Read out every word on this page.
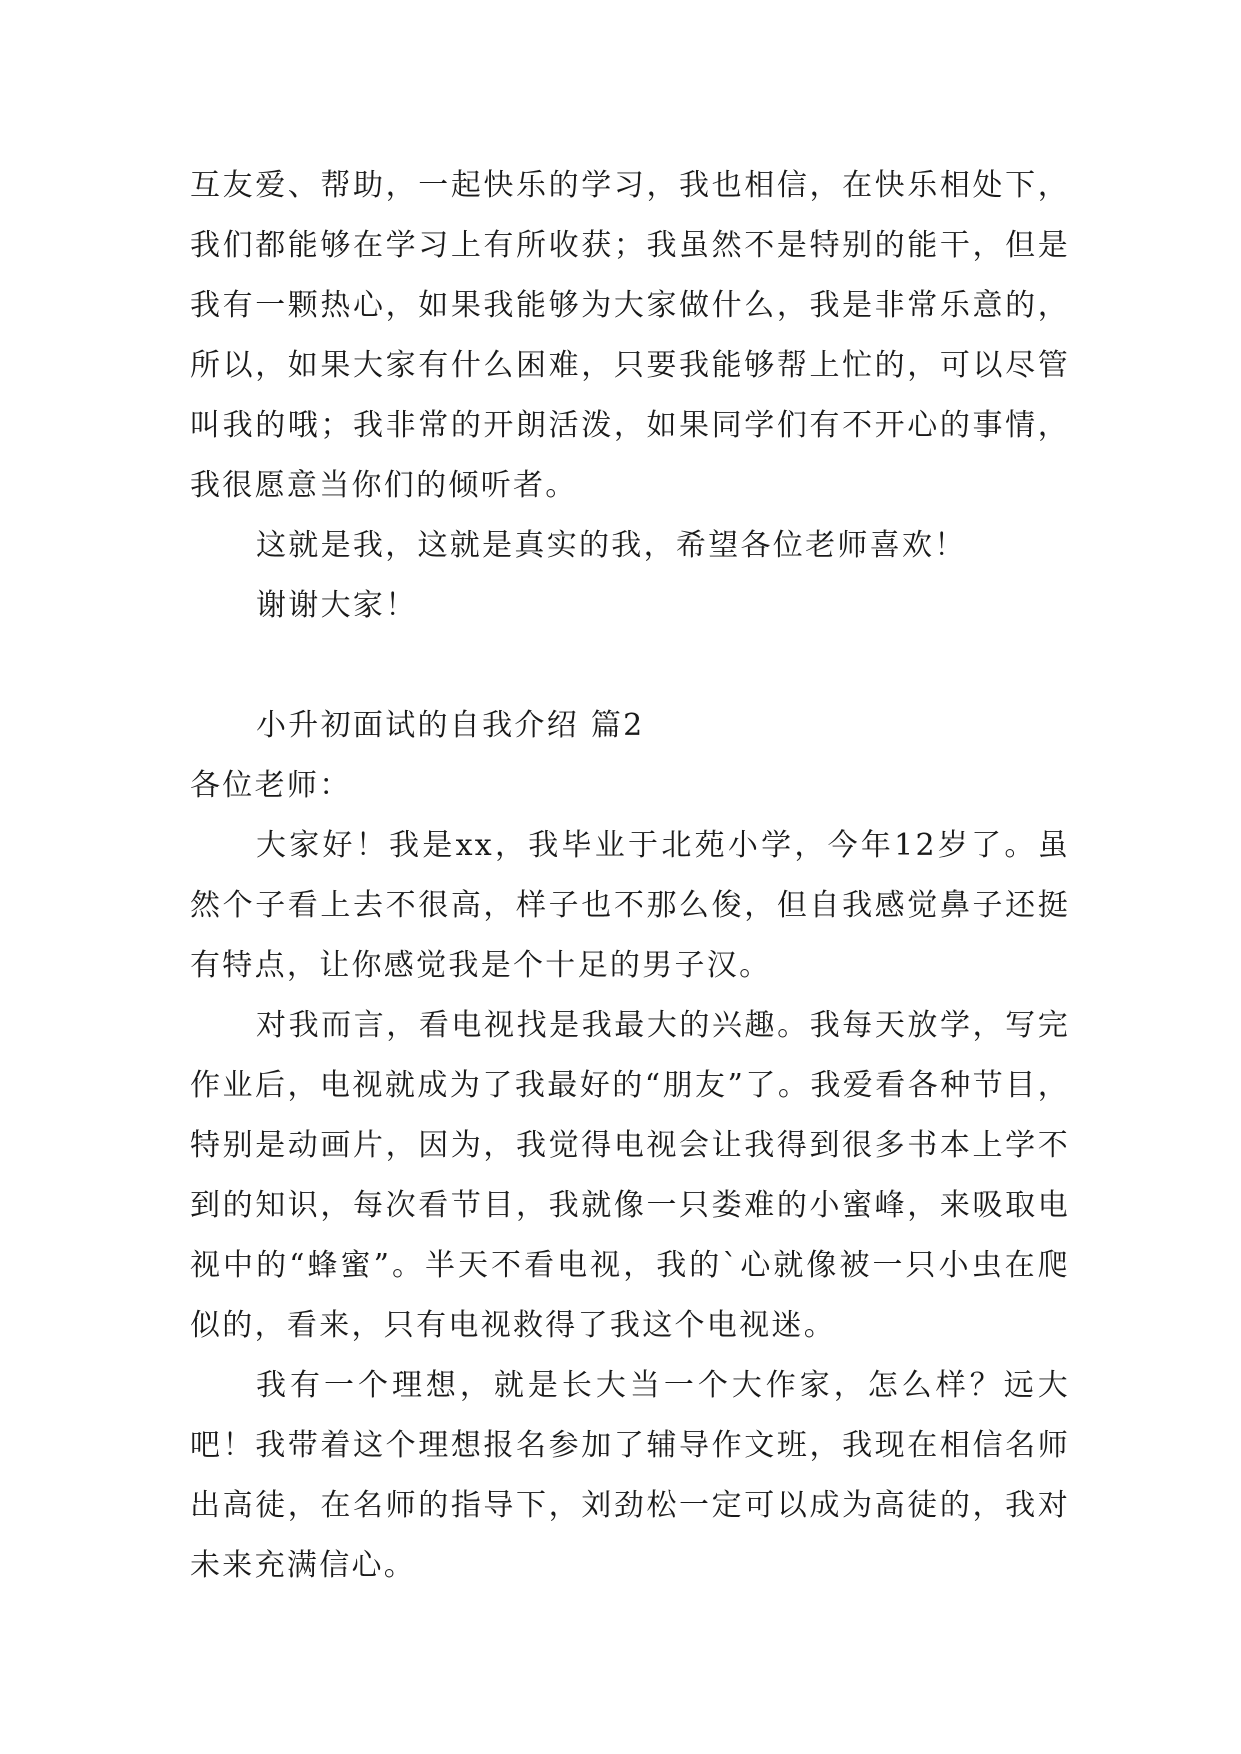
互友爱、帮助，一起快乐的学习，我也相信，在快乐相处下，我们都能够在学习上有所收获；我虽然不是特别的能干，但是我有一颗热心，如果我能够为大家做什么，我是非常乐意的，所以，如果大家有什么困难，只要我能够帮上忙的，可以尽管叫我的哦；我非常的开朗活泼，如果同学们有不开心的事情，我很愿意当你们的倾听者。

这就是我，这就是真实的我，希望各位老师喜欢！

谢谢大家！

小升初面试的自我介绍 篇2

各位老师：

大家好！我是xx，我毕业于北苑小学，今年12岁了。虽然个子看上去不很高，样子也不那么俊，但自我感觉鼻子还挺有特点，让你感觉我是个十足的男子汉。

对我而言，看电视找是我最大的兴趣。我每天放学，写完作业后，电视就成为了我最好的“朋友”了。我爱看各种节目，特别是动画片，因为，我觉得电视会让我得到很多书本上学不到的知识，每次看节目，我就像一只娄难的小蜜峰，来吸取电视中的“蜂蜜”。半天不看电视，我的`心就像被一只小虫在爬似的，看来，只有电视救得了我这个电视迷。

我有一个理想，就是长大当一个大作家，怎么样？远大吧！我带着这个理想报名参加了辅导作文班，我现在相信名师出高徒，在名师的指导下，刘劲松一定可以成为高徒的，我对未来充满信心。
